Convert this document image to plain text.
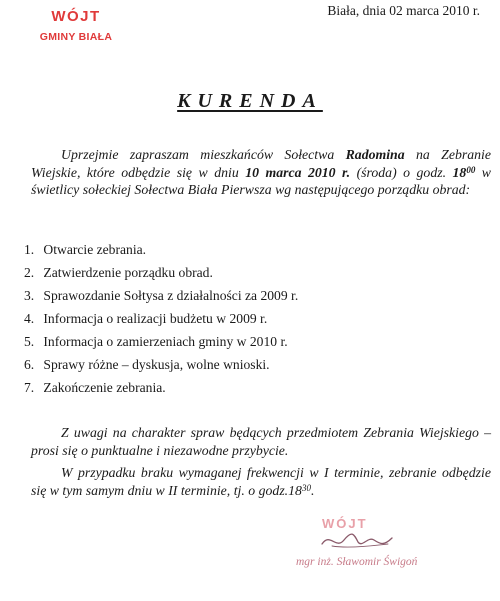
WÓJT
GMINY BIAŁA
Biała, dnia 02 marca 2010 r.
KURENDA
Uprzejmie zapraszam mieszkańców Sołectwa Radomina na Zebranie Wiejskie, które odbędzie się w dniu 10 marca 2010 r. (środa) o godz. $18^{00}$ w świetlicy sołeckiej Sołectwa Biała Pierwsza wg następującego porządku obrad:
1. Otwarcie zebrania.
2. Zatwierdzenie porządku obrad.
3. Sprawozdanie Sołtysa z działalności za 2009 r.
4. Informacja o realizacji budżetu w 2009 r.
5. Informacja o zamierzeniach gminy w 2010 r.
6. Sprawy różne – dyskusja, wolne wnioski.
7. Zakończenie zebrania.
Z uwagi na charakter spraw będących przedmiotem Zebrania Wiejskiego – prosi się o punktualne i niezawodne przybycie.
W przypadku braku wymaganej frekwencji w I terminie, zebranie odbędzie się w tym samym dniu w II terminie, tj. o $godz.18^{30}$.
WÓJT
mgr inż. Sławomir Świgoń
